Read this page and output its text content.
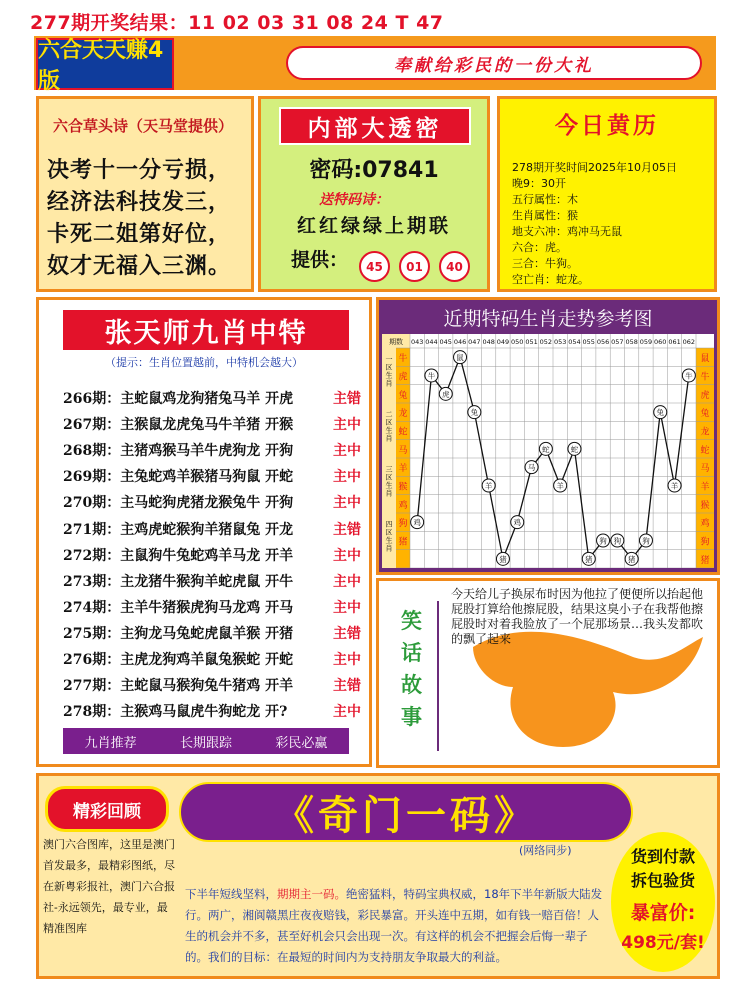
277期开奖结果：11 02 03 31 08 24 T 47
六合天天赚4版
奉献给彩民的一份大礼
六合草头诗（天马堂提供）
决考十一分亏损，
经济法科技发三，
卡死二姐第好位，
奴才无福入三渊。
内部大透密
密码:07841
送特码诗：
红红绿绿上期联
提供：	45	01	40
今日黄历
278期开奖时间2025年10月05日
晚9：30开
五行属性：木
生肖属性：猴
地支六冲：鸡冲马无鼠
六合：虎。
三合：牛狗。
空亡肖：蛇龙。
张天师九肖中特
（提示：生肖位置越前，中特机会越大）
266期：主蛇鼠鸡龙狗猪兔马羊 开虎	主错
267期：主猴鼠龙虎兔马牛羊猪 开猴	主中
268期：主猪鸡猴马羊牛虎狗龙 开狗	主中
269期：主兔蛇鸡羊猴猪马狗鼠 开蛇	主中
270期：主马蛇狗虎猪龙猴兔牛 开狗	主中
271期：主鸡虎蛇猴狗羊猪鼠兔 开龙	主错
272期：主鼠狗牛兔蛇鸡羊马龙 开羊	主中
273期：主龙猪牛猴狗羊蛇虎鼠 开牛	主中
274期：主羊牛猪猴虎狗马龙鸡 开马	主中
275期：主狗龙马兔蛇虎鼠羊猴 开猪	主错
276期：主虎龙狗鸡羊鼠兔猴蛇 开蛇	主中
277期：主蛇鼠马猴狗兔牛猪鸡 开羊	主错
278期：主猴鸡马鼠虎牛狗蛇龙 开?	主中
九肖推荐	长期跟踪	彩民必赢
近期特码生肖走势参考图
期数 043 044 045 046 047 048 049 050 051 052 053 054 055 056 057 058 059 060 061 062
牛
虎
兔
龙
蛇
马
羊
猴
鸡
狗
猪
鼠
牛
虎
兔
龙
蛇
马
羊
猴
鸡
狗
猪
一区生肖
二区生肖
三区生肖
四区生肖
鸡
牛
虎
鼠
兔
羊
猪
鸡
马
蛇
羊
蛇
猪
狗 狗
猪
狗
兔
羊
牛
笑话故事
今天给儿子换尿布时因为他拉了便便所以抬起他屁股打算给他擦屁股，结果这臭小子在我帮他擦屁股时对着我脸放了一个屁那场景…我头发都吹的飘了起来
精彩回顾
澳门六合图库，这里是澳门首发最多，最精彩图纸，尽在新粤彩报社，澳门六合报社-永远领先，最专业，最精准图库
《奇门一码》
(网络同步)
下半年短线坚料，期期主一码。绝密猛料，特码宝典权威，18年下半年新版大陆发行。两广，湘阆赣黑庄夜夜赔钱，彩民暴富。开头连中五期，如有钱一赔百倍！人生的机会并不多，甚至好机会只会出现一次。有这样的机会不把握会后悔一辈子的。我们的目标：在最短的时间内为支持朋友争取最大的利益。
货到付款
拆包验货
暴富价:
498元/套!
